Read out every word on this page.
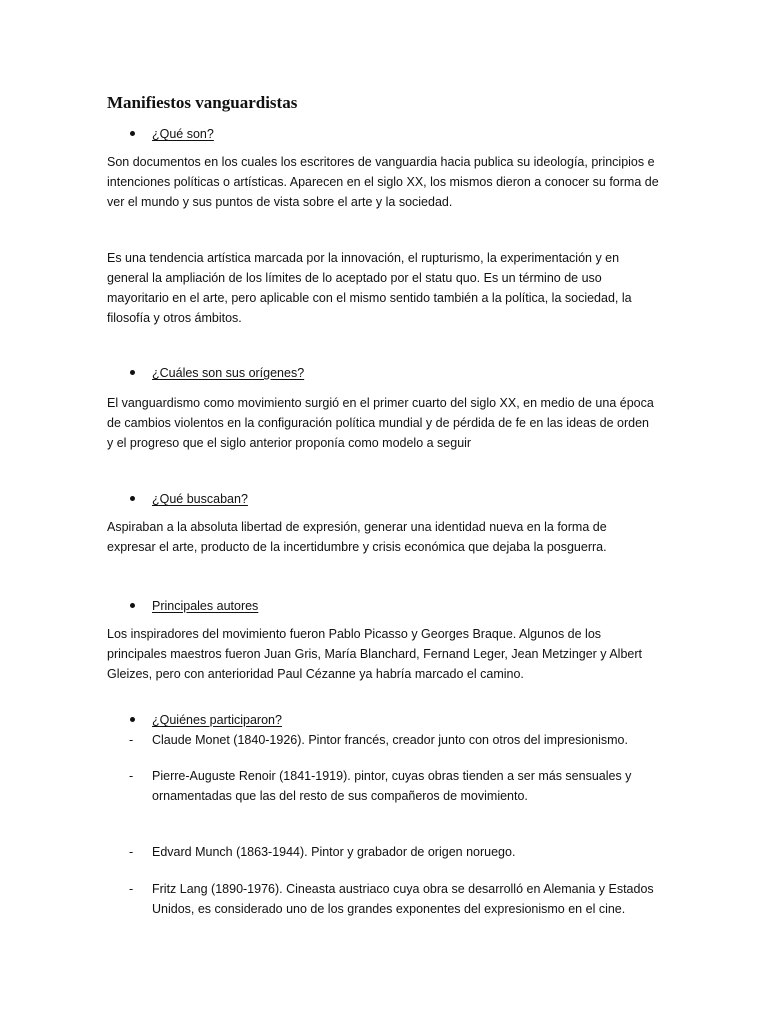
Manifiestos vanguardistas
¿Qué son?

Son documentos en los cuales los escritores de vanguardia hacia publica su ideología, principios e
intenciones políticas o artísticas. Aparecen en el siglo XX, los mismos dieron a conocer su forma de
ver el mundo y sus puntos de vista sobre el arte y la sociedad.

Es una tendencia artística marcada por la innovación, el rupturismo, la experimentación y en
general la ampliación de los límites de lo aceptado por el statu quo. Es un término de uso
mayoritario en el arte, pero aplicable con el mismo sentido también a la política, la sociedad, la
filosofía y otros ámbitos.

¿Cuáles son sus orígenes?

El vanguardismo como movimiento surgió en el primer cuarto del siglo XX, en medio de una época
de cambios violentos en la configuración política mundial y de pérdida de fe en las ideas de orden
y el progreso que el siglo anterior proponía como modelo a seguir

¿Qué buscaban?

Aspiraban a la absoluta libertad de expresión, generar una identidad nueva en la forma de
expresar el arte, producto de la incertidumbre y crisis económica que dejaba la posguerra.

Principales autores

Los inspiradores del movimiento fueron Pablo Picasso y Georges Braque. Algunos de los
principales maestros fueron Juan Gris, María Blanchard, Fernand Leger, Jean Metzinger y Albert
Gleizes, pero con anterioridad Paul Cézanne ya habría marcado el camino.

¿Quiénes participaron?
- Claude Monet (1840-1926). Pintor francés, creador junto con otros del impresionismo.
- Pierre-Auguste Renoir (1841-1919). pintor, cuyas obras tienden a ser más sensuales y
ornamentadas que las del resto de sus compañeros de movimiento.
- Edvard Munch (1863-1944). Pintor y grabador de origen noruego.
- Fritz Lang (1890-1976). Cineasta austriaco cuya obra se desarrolló en Alemania y Estados
Unidos, es considerado uno de los grandes exponentes del expresionismo en el cine.
